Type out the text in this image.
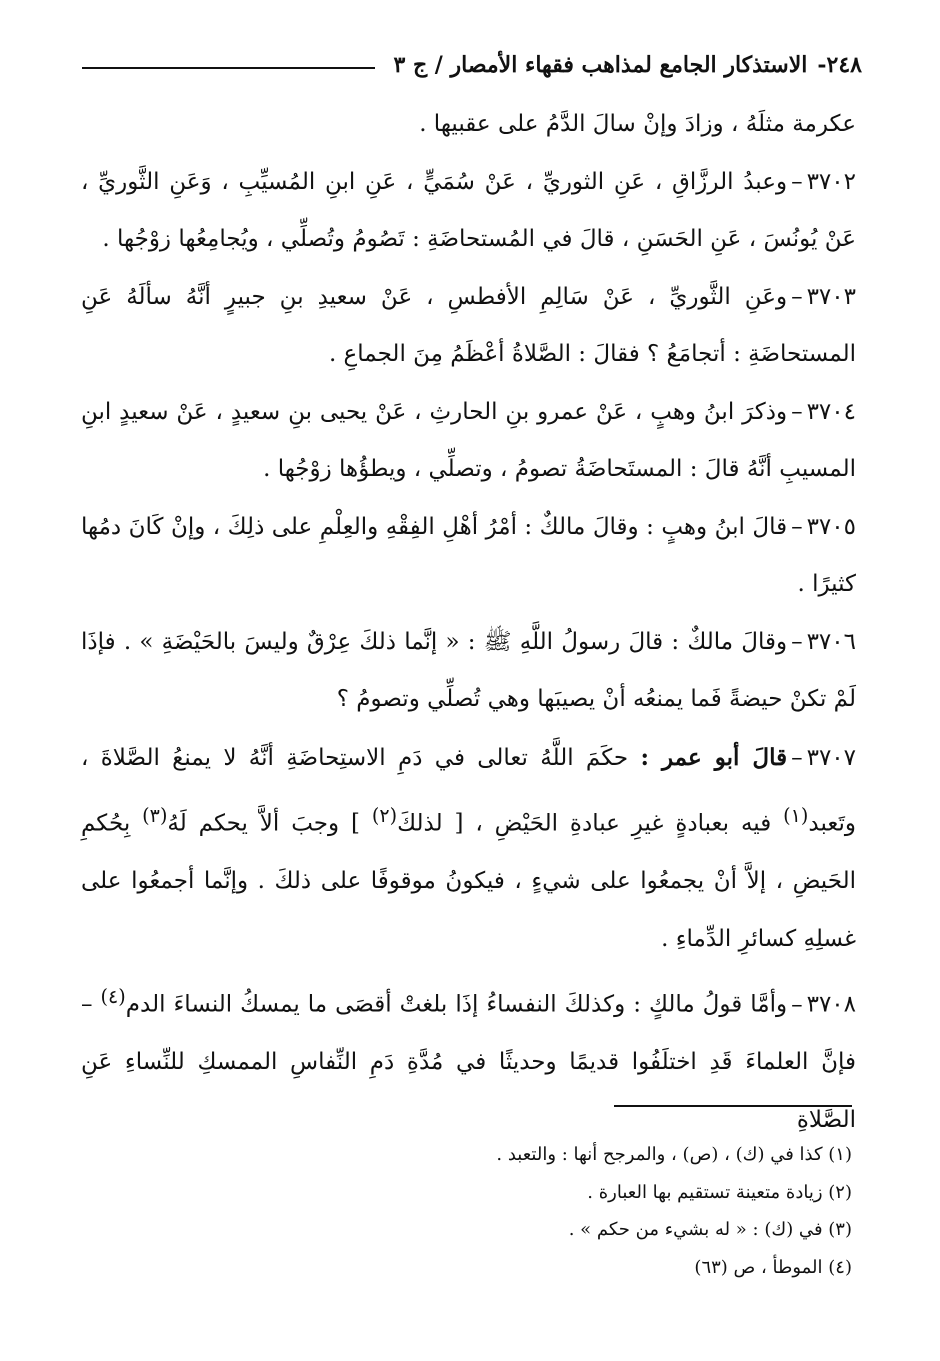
٢٤٨-
الاستذكار الجامع لمذاهب فقهاء الأمصار / ج ٣

عكرمة مثلَهُ ، وزادَ وإنْ سالَ الدَّمُ على عقبيها .

٣٧٠٢–وعبدُ الرزَّاقِ ، عَنِ الثوريِّ ، عَنْ سُمَيٍّ ، عَنِ ابنِ المُسيِّبِ ، وَعَنِ الثَّوريِّ ، عَنْ يُونُسَ ، عَنِ الحَسَنِ ، قالَ في المُستحاضَةِ : تَصُومُ وتُصلِّي ، ويُجامِعُها زوْجُها .

٣٧٠٣–وعَنِ الثَّوريِّ ، عَنْ سَالِمِ الأفطسِ ، عَنْ سعيدِ بنِ جبيرٍ أنَّهُ سألَهُ عَنِ المستحاضَةِ : أتجامَعُ ؟ فقالَ : الصَّلاةُ أعْظَمُ مِنَ الجماعِ .

٣٧٠٤–وذكرَ ابنُ وهبٍ ، عَنْ عمرو بنِ الحارثِ ، عَنْ يحيى بنِ سعيدٍ ، عَنْ سعيدٍ ابنِ المسيبِ أنَّهُ قالَ : المستَحاضَةُ تصومُ ، وتصلِّي ، ويطؤُها زوْجُها .

٣٧٠٥–قالَ ابنُ وهبٍ : وقالَ مالكٌ : أمْرُ أهْلِ الفِقْهِ والعِلْمِ على ذلِكَ ، وإنْ كَانَ دمُها كثيرًا .

٣٧٠٦–وقالَ مالكٌ : قالَ رسولُ اللَّهِ ﷺ : « إنَّما ذلكَ عِرْقٌ وليسَ بالحَيْضَةِ » . فإذَا لَمْ تكنْ حيضةً فَما يمنعُه أنْ يصيبَها وهي تُصلِّي وتصومُ ؟

٣٧٠٧–قالَ أبو عمر : حكَمَ اللَّهُ تعالى في دَمِ الاستِحاضَةِ أنَّهُ لا يمنعُ الصَّلاةَ ، وتَعبد$^{(١)}$ فيه بعبادةٍ غيرِ عبادةِ الحَيْضِ ، [ لذلكَ$^{(٢)}$ ] وجبَ ألاَّ يحكم لَهُ$^{(٣)}$ بِحُكمِ الحَيضِ ، إلاَّ أنْ يجمعُوا على شيءٍ ، فيكونُ موقوفًا على ذلكَ . وإنَّما أجمعُوا على غسلِهِ كسائرِ الدِّماءِ .

٣٧٠٨–وأمَّا قولُ مالكٍ : وكذلكَ النفساءُ إذَا بلغتْ أقصَى ما يمسكُ النساءَ الدم$^{(٤)}$ – فإنَّ العلماءَ قَدِ اختلَفُوا قديمًا وحديثًا في مُدَّةِ دَمِ النِّفاسِ الممسكِ للنِّساءِ عَنِ الصَّلاةِ

(١) كذا في (ك) ، (ص) ، والمرجح أنها : والتعبد .

(٢) زيادة متعينة تستقيم بها العبارة .

(٣) في (ك) : « له بشيء من حكم » .

(٤) الموطأ ، ص (٦٣)
